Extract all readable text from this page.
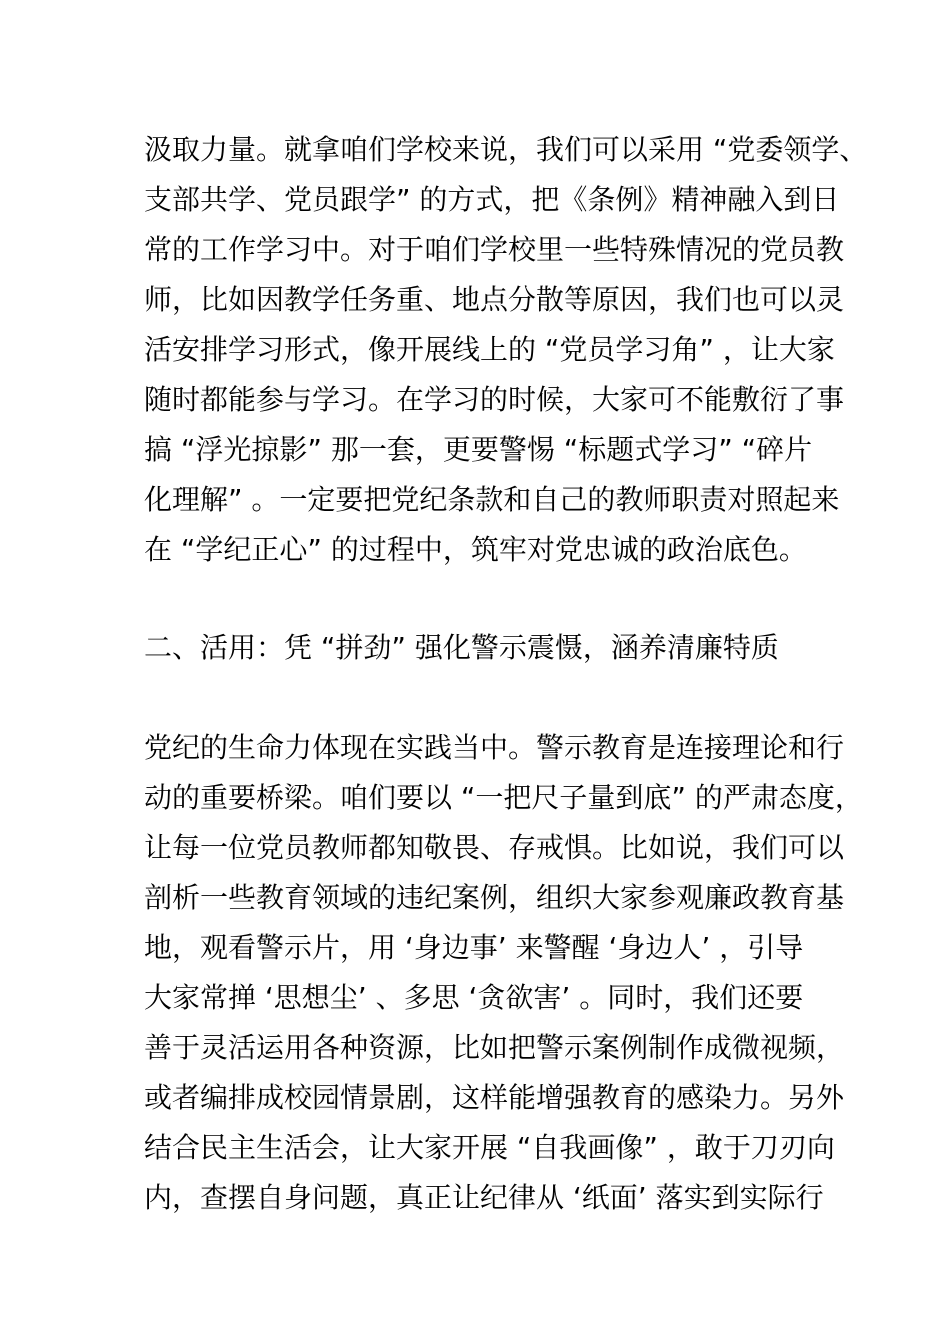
汲取力量。就拿咱们学校来说，我们可以采用 “党委领学、
支部共学、党员跟学” 的方式，把《条例》精神融入到日
常的工作学习中。对于咱们学校里一些特殊情况的党员教
师，比如因教学任务重、地点分散等原因，我们也可以灵
活安排学习形式，像开展线上的 “党员学习角” ，让大家
随时都能参与学习。在学习的时候，大家可不能敷衍了事
搞 “浮光掠影” 那一套，更要警惕 “标题式学习” “碎片
化理解” 。一定要把党纪条款和自己的教师职责对照起来
在 “学纪正心” 的过程中，筑牢对党忠诚的政治底色。
二、活用：凭 “拼劲” 强化警示震慑，涵养清廉特质
党纪的生命力体现在实践当中。警示教育是连接理论和行
动的重要桥梁。咱们要以 “一把尺子量到底” 的严肃态度，
让每一位党员教师都知敬畏、存戒惧。比如说，我们可以
剖析一些教育领域的违纪案例，组织大家参观廉政教育基
地，观看警示片，用 ‘身边事’ 来警醒 ‘身边人’ ，引导
大家常掸 ‘思想尘’ 、多思 ‘贪欲害’ 。同时，我们还要
善于灵活运用各种资源，比如把警示案例制作成微视频，
或者编排成校园情景剧，这样能增强教育的感染力。另外
结合民主生活会，让大家开展 “自我画像” ，敢于刀刃向
内，查摆自身问题，真正让纪律从 ‘纸面’ 落实到实际行
